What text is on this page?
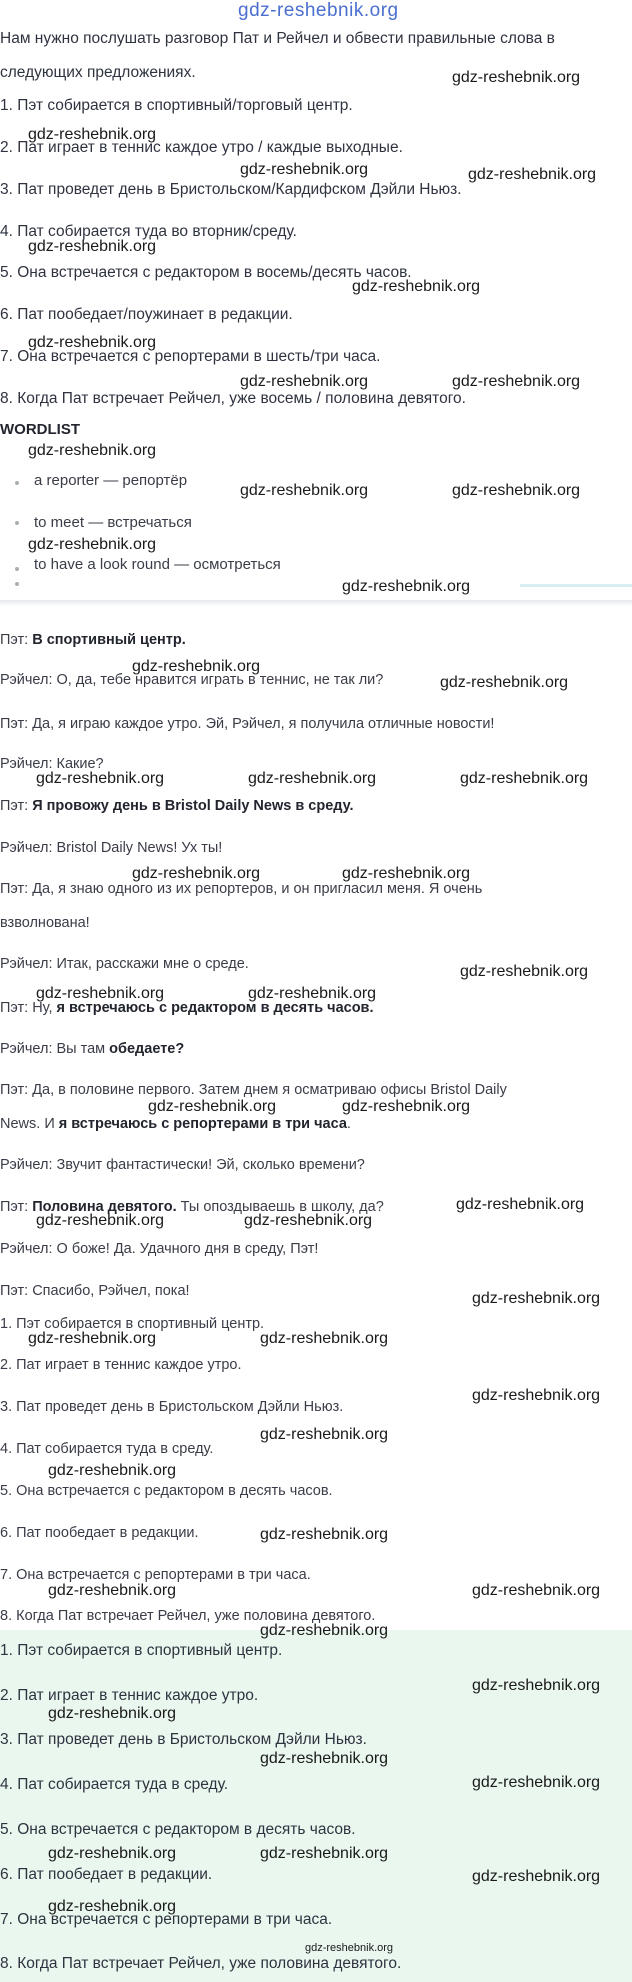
gdz-reshebnik.org
Нам нужно послушать разговор Пат и Рейчел и обвести правильные слова в
следующих предложениях.
1. Пэт собирается в спортивный/торговый центр.
2. Пат играет в теннис каждое утро / каждые выходные.
3. Пат проведет день в Бристольском/Кардифском Дэйли Ньюз.
4. Пат собирается туда во вторник/среду.
5. Она встречается с редактором в восемь/десять часов.
6. Пат пообедает/поужинает в редакции.
7. Она встречается с репортерами в шесть/три часа.
8. Когда Пат встречает Рейчел, уже восемь / половина девятого.
WORDLIST
a reporter — репортёр
to meet — встречаться
to have a look round — осмотреться
Пэт: В спортивный центр.
Рэйчел: О, да, тебе нравится играть в теннис, не так ли?
Пэт: Да, я играю каждое утро. Эй, Рэйчел, я получила отличные новости!
Рэйчел: Какие?
Пэт: Я провожу день в Bristol Daily News в среду.
Рэйчел: Bristol Daily News! Ух ты!
Пэт: Да, я знаю одного из их репортеров, и он пригласил меня. Я очень
взволнована!
Рэйчел: Итак, расскажи мне о среде.
Пэт: Ну, я встречаюсь с редактором в десять часов.
Рэйчел: Вы там обедаете?
Пэт: Да, в половине первого. Затем днем я осматриваю офисы Bristol Daily
News. И я встречаюсь с репортерами в три часа.
Рэйчел: Звучит фантастически! Эй, сколько времени?
Пэт: Половина девятого. Ты опоздываешь в школу, да?
Рэйчел: О боже! Да. Удачного дня в среду, Пэт!
Пэт: Спасибо, Рэйчел, пока!
1. Пэт собирается в спортивный центр.
2. Пат играет в теннис каждое утро.
3. Пат проведет день в Бристольском Дэйли Ньюз.
4. Пат собирается туда в среду.
5. Она встречается с редактором в десять часов.
6. Пат пообедает в редакции.
7. Она встречается с репортерами в три часа.
8. Когда Пат встречает Рейчел, уже половина девятого.
1. Пэт собирается в спортивный центр.
2. Пат играет в теннис каждое утро.
3. Пат проведет день в Бристольском Дэйли Ньюз.
4. Пат собирается туда в среду.
5. Она встречается с редактором в десять часов.
6. Пат пообедает в редакции.
7. Она встречается с репортерами в три часа.
8. Когда Пат встречает Рейчел, уже половина девятого.
gdz-reshebnik.org
gdz-reshebnik.org
gdz-reshebnik.org	gdz-reshebnik.org
gdz-reshebnik.org
gdz-reshebnik.org
gdz-reshebnik.org
gdz-reshebnik.org	gdz-reshebnik.org
gdz-reshebnik.org
gdz-reshebnik.org	gdz-reshebnik.org
gdz-reshebnik.org
gdz-reshebnik.org
gdz-reshebnik.org
gdz-reshebnik.org
gdz-reshebnik.org	gdz-reshebnik.org	gdz-reshebnik.org
gdz-reshebnik.org	gdz-reshebnik.org
gdz-reshebnik.org
gdz-reshebnik.org	gdz-reshebnik.org
gdz-reshebnik.org	gdz-reshebnik.org
gdz-reshebnik.org
gdz-reshebnik.org	gdz-reshebnik.org
gdz-reshebnik.org
gdz-reshebnik.org	gdz-reshebnik.org
gdz-reshebnik.org
gdz-reshebnik.org
gdz-reshebnik.org
gdz-reshebnik.org
gdz-reshebnik.org
gdz-reshebnik.org
gdz-reshebnik.org
gdz-reshebnik.org
gdz-reshebnik.org
gdz-reshebnik.org
gdz-reshebnik.org
gdz-reshebnik.org	gdz-reshebnik.org
gdz-reshebnik.org
gdz-reshebnik.org
gdz-reshebnik.org
